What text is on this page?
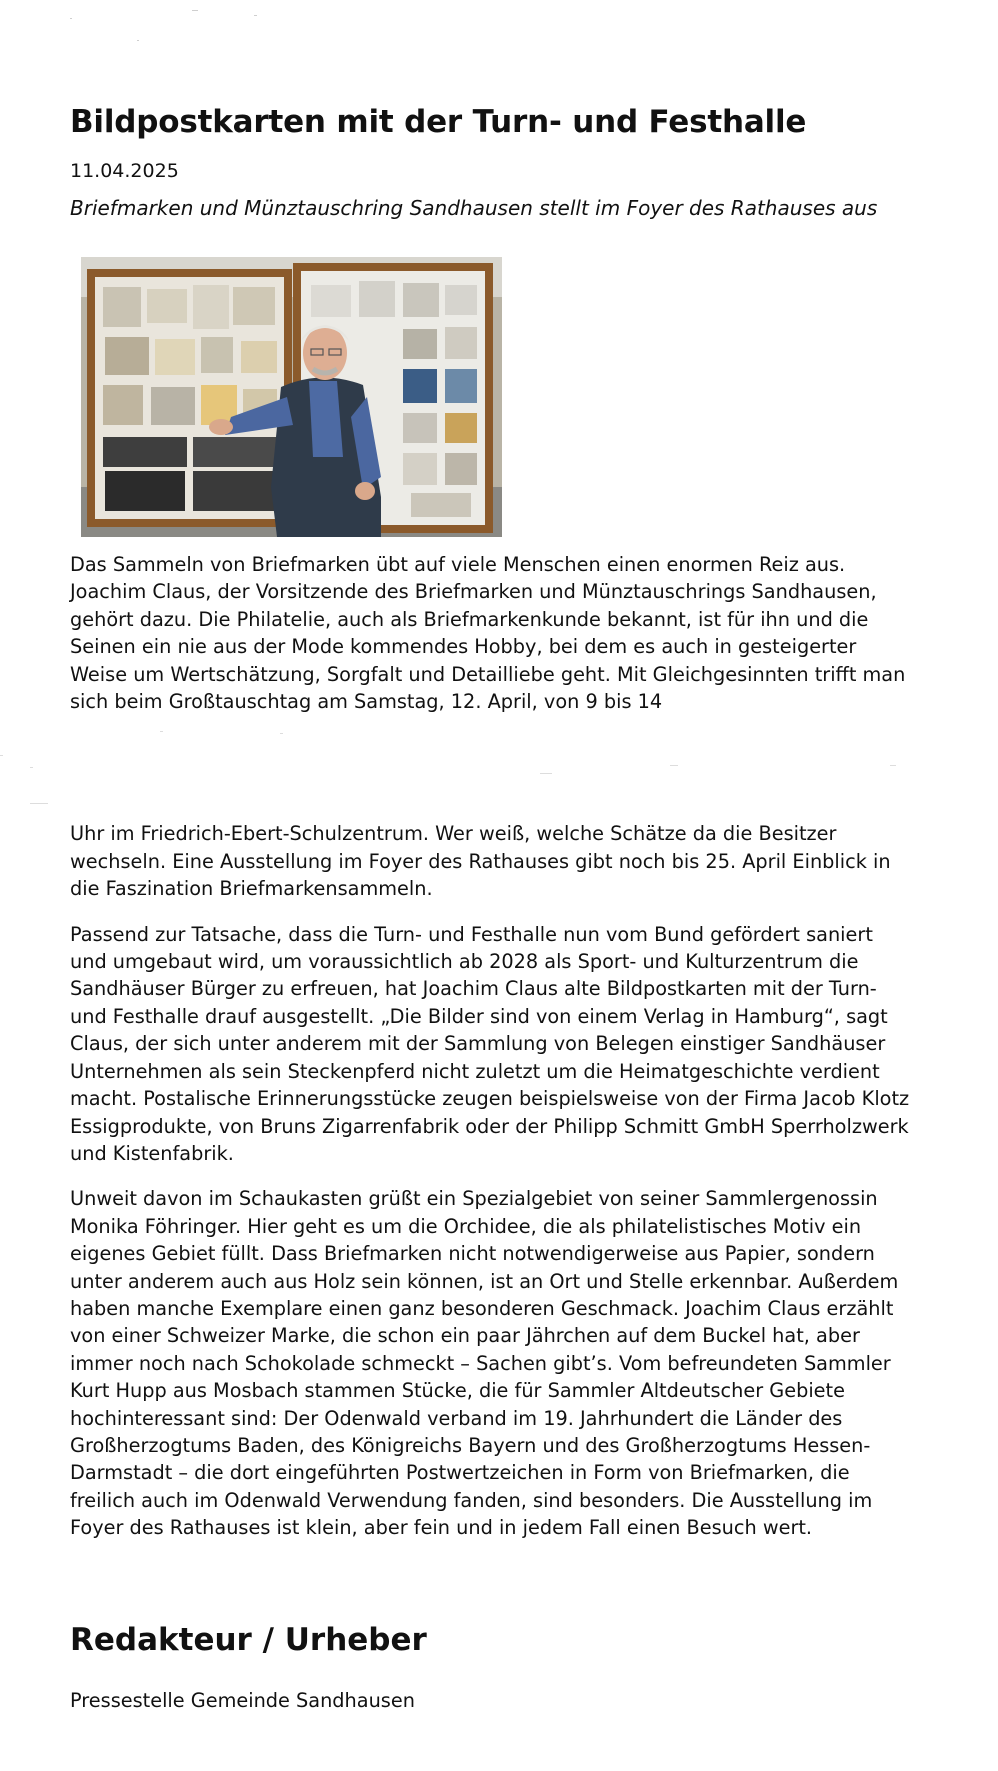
Bildpostkarten mit der Turn- und Festhalle
11.04.2025
Briefmarken und Münztauschring Sandhausen stellt im Foyer des Rathauses aus

Das Sammeln von Briefmarken übt auf viele Menschen einen enormen Reiz aus. Joachim Claus, der Vorsitzende des Briefmarken und Münztauschrings Sandhausen, gehört dazu. Die Philatelie, auch als Briefmarkenkunde bekannt, ist für ihn und die Seinen ein nie aus der Mode kommendes Hobby, bei dem es auch in gesteigerter Weise um Wertschätzung, Sorgfalt und Detailliebe geht. Mit Gleichgesinnten trifft man sich beim Großtauschtag am Samstag, 12. April, von 9 bis 14

Uhr im Friedrich-Ebert-Schulzentrum. Wer weiß, welche Schätze da die Besitzer wechseln. Eine Ausstellung im Foyer des Rathauses gibt noch bis 25. April Einblick in die Faszination Briefmarkensammeln.

Passend zur Tatsache, dass die Turn- und Festhalle nun vom Bund gefördert saniert und umgebaut wird, um voraussichtlich ab 2028 als Sport- und Kulturzentrum die Sandhäuser Bürger zu erfreuen, hat Joachim Claus alte Bildpostkarten mit der Turn- und Festhalle drauf ausgestellt. „Die Bilder sind von einem Verlag in Hamburg“, sagt Claus, der sich unter anderem mit der Sammlung von Belegen einstiger Sandhäuser Unternehmen als sein Steckenpferd nicht zuletzt um die Heimatgeschichte verdient macht. Postalische Erinnerungsstücke zeugen beispielsweise von der Firma Jacob Klotz Essigprodukte, von Bruns Zigarrenfabrik oder der Philipp Schmitt GmbH Sperrholzwerk und Kistenfabrik.

Unweit davon im Schaukasten grüßt ein Spezialgebiet von seiner Sammlergenossin Monika Föhringer. Hier geht es um die Orchidee, die als philatelistisches Motiv ein eigenes Gebiet füllt. Dass Briefmarken nicht notwendigerweise aus Papier, sondern unter anderem auch aus Holz sein können, ist an Ort und Stelle erkennbar. Außerdem haben manche Exemplare einen ganz besonderen Geschmack. Joachim Claus erzählt von einer Schweizer Marke, die schon ein paar Jährchen auf dem Buckel hat, aber immer noch nach Schokolade schmeckt – Sachen gibt’s. Vom befreundeten Sammler Kurt Hupp aus Mosbach stammen Stücke, die für Sammler Altdeutscher Gebiete hochinteressant sind: Der Odenwald verband im 19. Jahrhundert die Länder des Großherzogtums Baden, des Königreichs Bayern und des Großherzogtums Hessen-Darmstadt – die dort eingeführten Postwertzeichen in Form von Briefmarken, die freilich auch im Odenwald Verwendung fanden, sind besonders. Die Ausstellung im Foyer des Rathauses ist klein, aber fein und in jedem Fall einen Besuch wert.

Redakteur / Urheber

Pressestelle Gemeinde Sandhausen
